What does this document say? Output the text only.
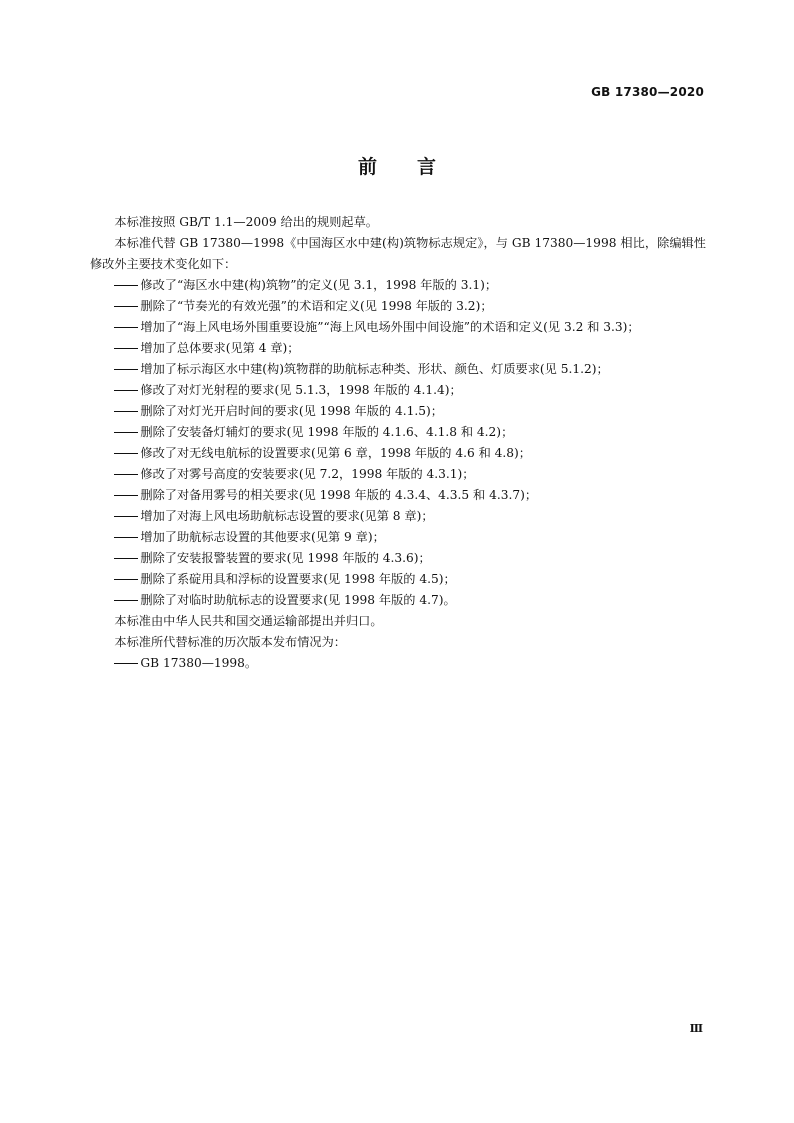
GB 17380—2020
前言

本标准按照 GB/T 1.1—2009 给出的规则起草。

本标准代替 GB 17380—1998《中国海区水中建(构)筑物标志规定》，与 GB 17380—1998 相比，除编辑性修改外主要技术变化如下：

修改了“海区水中建(构)筑物”的定义(见 3.1，1998 年版的 3.1)；

删除了“节奏光的有效光强”的术语和定义(见 1998 年版的 3.2)；

增加了“海上风电场外围重要设施”“海上风电场外围中间设施”的术语和定义(见 3.2 和 3.3)；

增加了总体要求(见第 4 章)；

增加了标示海区水中建(构)筑物群的助航标志种类、形状、颜色、灯质要求(见 5.1.2)；

修改了对灯光射程的要求(见 5.1.3，1998 年版的 4.1.4)；

删除了对灯光开启时间的要求(见 1998 年版的 4.1.5)；

删除了安装备灯辅灯的要求(见 1998 年版的 4.1.6、4.1.8 和 4.2)；

修改了对无线电航标的设置要求(见第 6 章，1998 年版的 4.6 和 4.8)；

修改了对雾号高度的安装要求(见 7.2，1998 年版的 4.3.1)；

删除了对备用雾号的相关要求(见 1998 年版的 4.3.4、4.3.5 和 4.3.7)；

增加了对海上风电场助航标志设置的要求(见第 8 章)；

增加了助航标志设置的其他要求(见第 9 章)；

删除了安装报警装置的要求(见 1998 年版的 4.3.6)；

删除了系碇用具和浮标的设置要求(见 1998 年版的 4.5)；

删除了对临时助航标志的设置要求(见 1998 年版的 4.7)。

本标准由中华人民共和国交通运输部提出并归口。

本标准所代替标准的历次版本发布情况为：

GB 17380—1998。

Ⅲ
